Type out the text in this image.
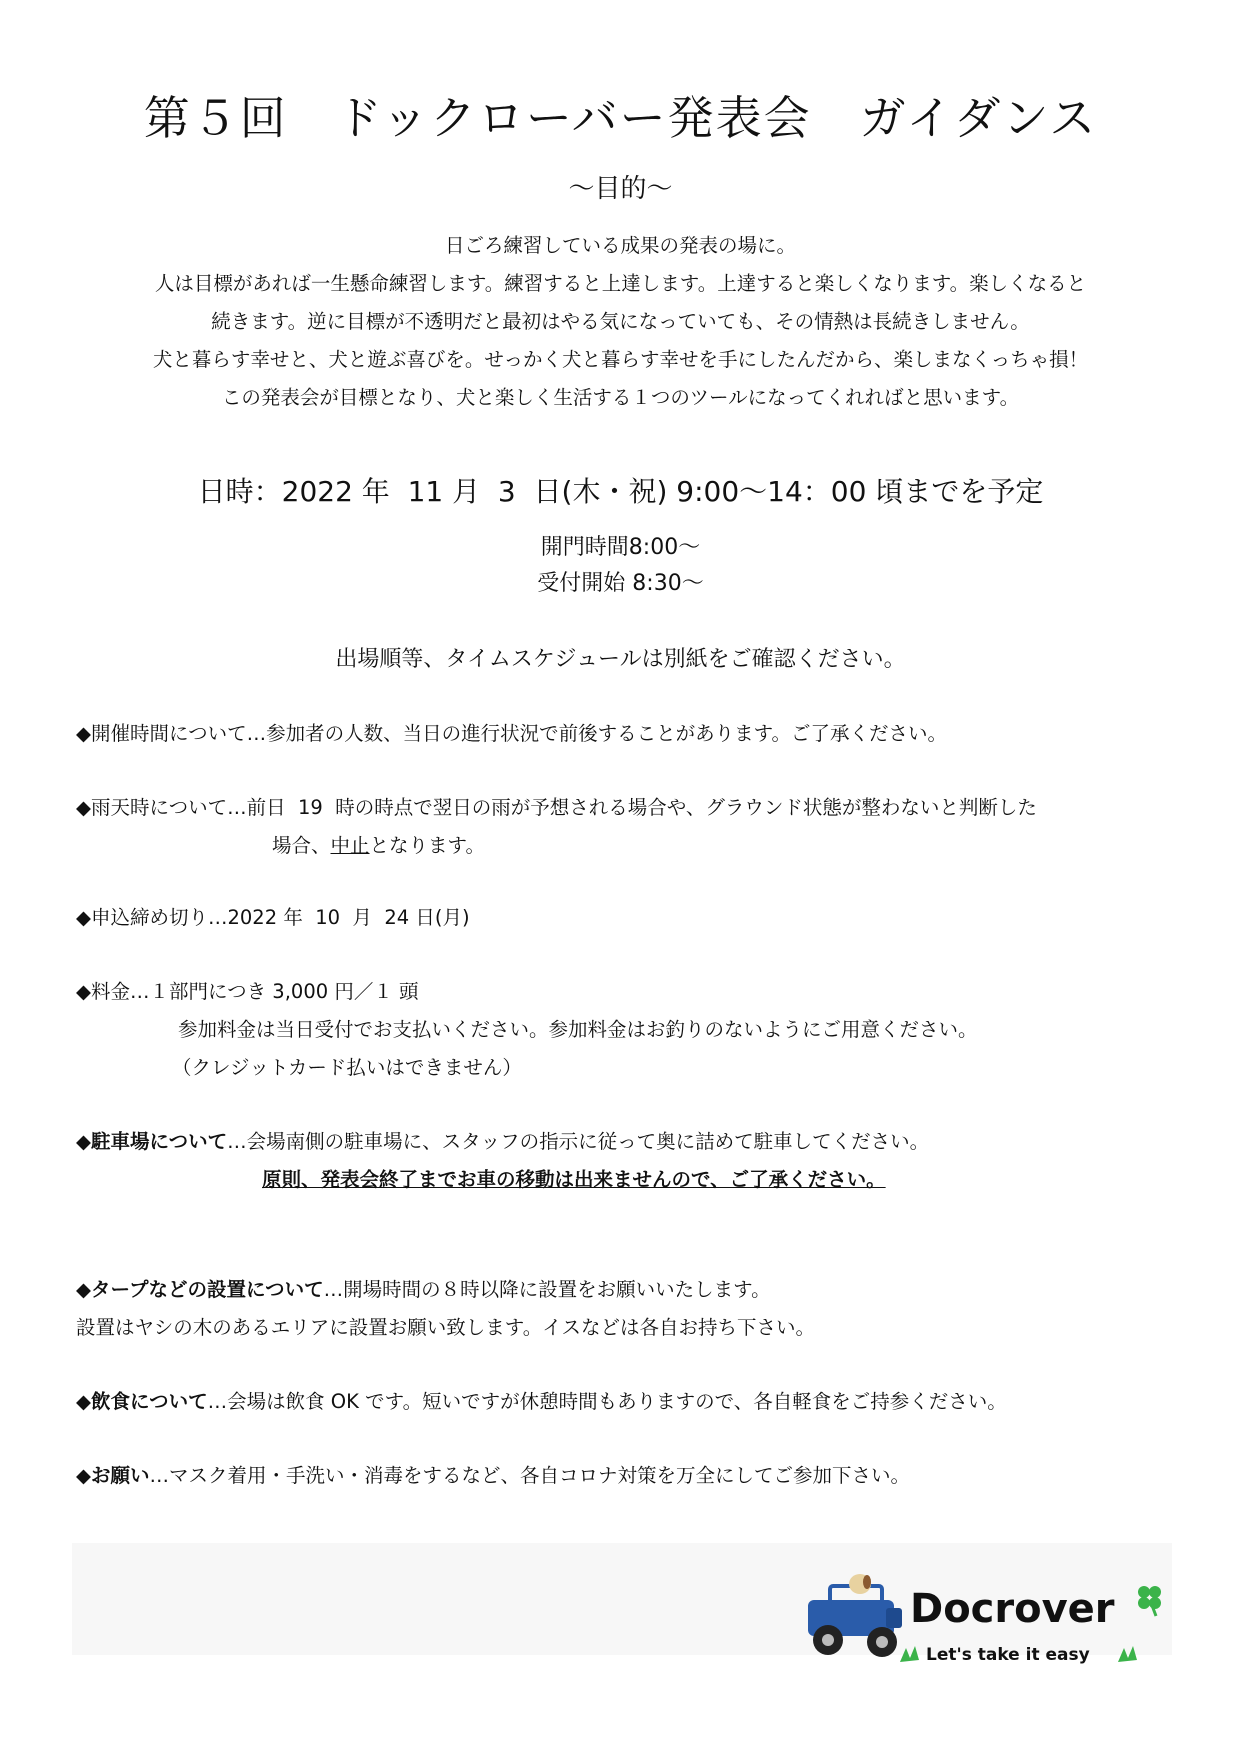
第５回　ドックローバー発表会　ガイダンス
～目的～
日ごろ練習している成果の発表の場に。
人は目標があれば一生懸命練習します。練習すると上達します。上達すると楽しくなります。楽しくなると
続きます。逆に目標が不透明だと最初はやる気になっていても、その情熱は長続きしません。
犬と暮らす幸せと、犬と遊ぶ喜びを。せっかく犬と暮らす幸せを手にしたんだから、楽しまなくっちゃ損！
この発表会が目標となり、犬と楽しく生活する１つのツールになってくれればと思います。
日時：2022 年  11 月  3  日(木・祝) 9:00～14：00 頃までを予定
開門時間8:00～
受付開始 8:30～
出場順等、タイムスケジュールは別紙をご確認ください。
◆開催時間について…参加者の人数、当日の進行状況で前後することがあります。ご了承ください。
◆雨天時について…前日  19  時の時点で翌日の雨が予想される場合や、グラウンド状態が整わないと判断した
場合、中止となります。
◆申込締め切り…2022 年  10  月  24 日(月)
◆料金…１部門につき 3,000 円／１ 頭
参加料金は当日受付でお支払いください。参加料金はお釣りのないようにご用意ください。
（クレジットカード払いはできません）
◆駐車場について…会場南側の駐車場に、スタッフの指示に従って奥に詰めて駐車してください。
原則、発表会終了までお車の移動は出来ませんので、ご了承ください。
◆タープなどの設置について…開場時間の８時以降に設置をお願いいたします。
設置はヤシの木のあるエリアに設置お願い致します。イスなどは各自お持ち下さい。
◆飲食について…会場は飲食 OK です。短いですが休憩時間もありますので、各自軽食をご持参ください。
◆お願い…マスク着用・手洗い・消毒をするなど、各自コロナ対策を万全にしてご参加下さい。
Docrover
Let's take it easy
